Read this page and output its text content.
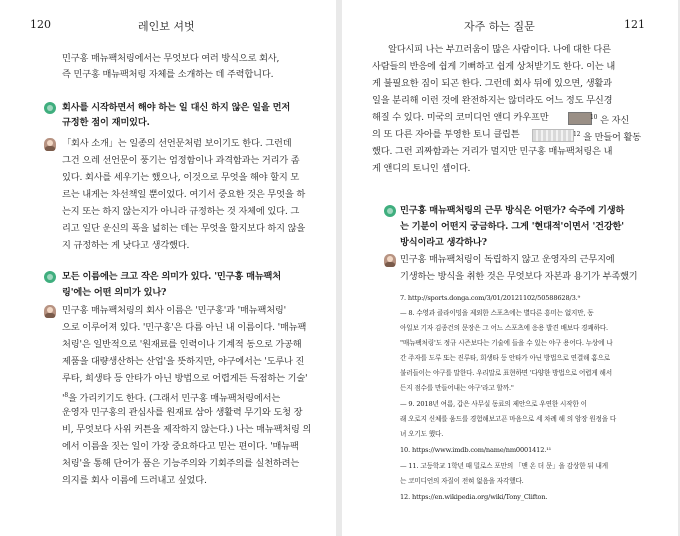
120	레인보 셔벗
민구홍 매뉴팩처링에서는 무엇보다 여러 방식으로 회사,
즉 민구홍 매뉴팩처링 자체를 소개하는 데 주력합니다.
회사를 시작하면서 해야 하는 일 대신 하지 않은 일을 먼저
규정한 점이 재미있다.
「회사 소개」는 일종의 선언문처럼 보이기도 한다. 그런데
그건 으레 선언문이 풍기는 엄정함이나 과격함과는 거리가 좀
있다. 회사를 세우기는 했으나, 이것으로 무엇을 해야 할지 모
르는 내게는 차선책일 뿐이었다. 여기서 중요한 것은 무엇을 하
는지 또는 하지 않는지가 아니라 규정하는 것 자체에 있다. 그
리고 일단 운신의 폭을 넓히는 데는 무엇을 할지보다 하지 않을
지 규정하는 게 낫다고 생각했다.
모든 이름에는 크고 작은 의미가 있다. '민구홍 매뉴팩처
링'에는 어떤 의미가 있나?
민구홍 매뉴팩처링의 회사 이름은 '민구홍'과 '매뉴팩처링'
으로 이루어져 있다. '민구홍'은 다름 아닌 내 이름이다. '매뉴팩
처링'은 일반적으로 '원재료를 인력이나 기계적 동으로 가공해
제품을 대량생산하는 산업'을 뜻하지만, 야구에서는 '도루나 진
루타, 희생타 등 안타가 아닌 방법으로 어렵게든 득점하는 기술'
'$^8$을 가리키기도 한다. (그래서 민구홍 매뉴팩처링에서는
운영자 민구홍의 관심사를 원재료 삼아 생활력 무기와 도청 장
비, 무엇보다 사위 커튼을 제작하지 않는다.) 나는 매뉴팩처링 의
에서 이름을 짓는 일이 가장 중요하다고 믿는 편이다. '매뉴팩
처링'을 통해 단어가 품은 기능주의와 기회주의를 실천하려는
의지를 회사 이름에 드러내고 싶었다.
자주 하는 질문	121
알다시피 나는 부끄러움이 많은 사람이다. 나에 대한 다른
사람들의 반응에 쉽게 기뻐하고 쉽게 상처받기도 한다. 이는 내
게 불필요한 짐이 되곤 한다. 그런데 회사 뒤에 있으면, 생활과
일을 분리해 이런 것에 완전하지는 않더라도 어느 정도 무신경
해질 수 있다. 미국의 코미디언 앤디 카우프만	$^{10}$ 은 자신
의 또 다른 자아를 투영한 토니 클립튼	$^{12}$ 을 만들어 활동
했다. 그런 괴짜함과는 거리가 멀지만 민구홍 매뉴팩처링은 내
게 앤디의 토니인 셈이다.
민구홍 매뉴팩처링의 근무 방식은 어떤가? 숙주에 기생하
는 기분이 어떤지 궁금하다. 그게 '현대적'이면서 '건강한'
방식이라고 생각하나?
민구홍 매뉴팩처링이 독립하지 않고 운영자의 근무지에
기생하는 방식을 취한 것은 무엇보다 자본과 용기가 부족했기
7. http://sports.donga.com/3/01/20121102/50588628/3.⁹
— 8. 수영과 클라이밍을 제외한 스포츠에는 별다른 흥미는 없지만, 동
아일보 기자 김종건의 문장은 그 어느 스포츠에 응용 발견 배보다 경쾌하다.
"매뉴팩처링'도 정규 시즌보다는 기술에 들을 수 있는 야구 용어다. 누상에 나
간 주자를 도루 또는 진루타, 희생타 등 안타가 아닌 방법으로 연결해 홈으로
불러들이는 야구를 말한다. 우리말로 표현하면 '다양한 방법으로 어렵게 해서
든지 점수를 만들어내는 야구'라고 할까."
— 9. 2018년 여름, 갑은 사무실 동료의 제안으로 우연한 시작한 이
래 오로지 신체를 움드를 경험해보고픈 마음으로 세 차례 해 의 암장 원정을 다
녀 오기도 했다.
10. https://www.imdb.com/name/nm0001412.¹¹
— 11. 고등학교 1학년 때 밀로스 포만의 「맨 온 더 문」을 감상한 뒤 내게
는 코미디언의 자질이 전혀 없음을 자각했다.
12. https://en.wikipedia.org/wiki/Tony_Clifton.
